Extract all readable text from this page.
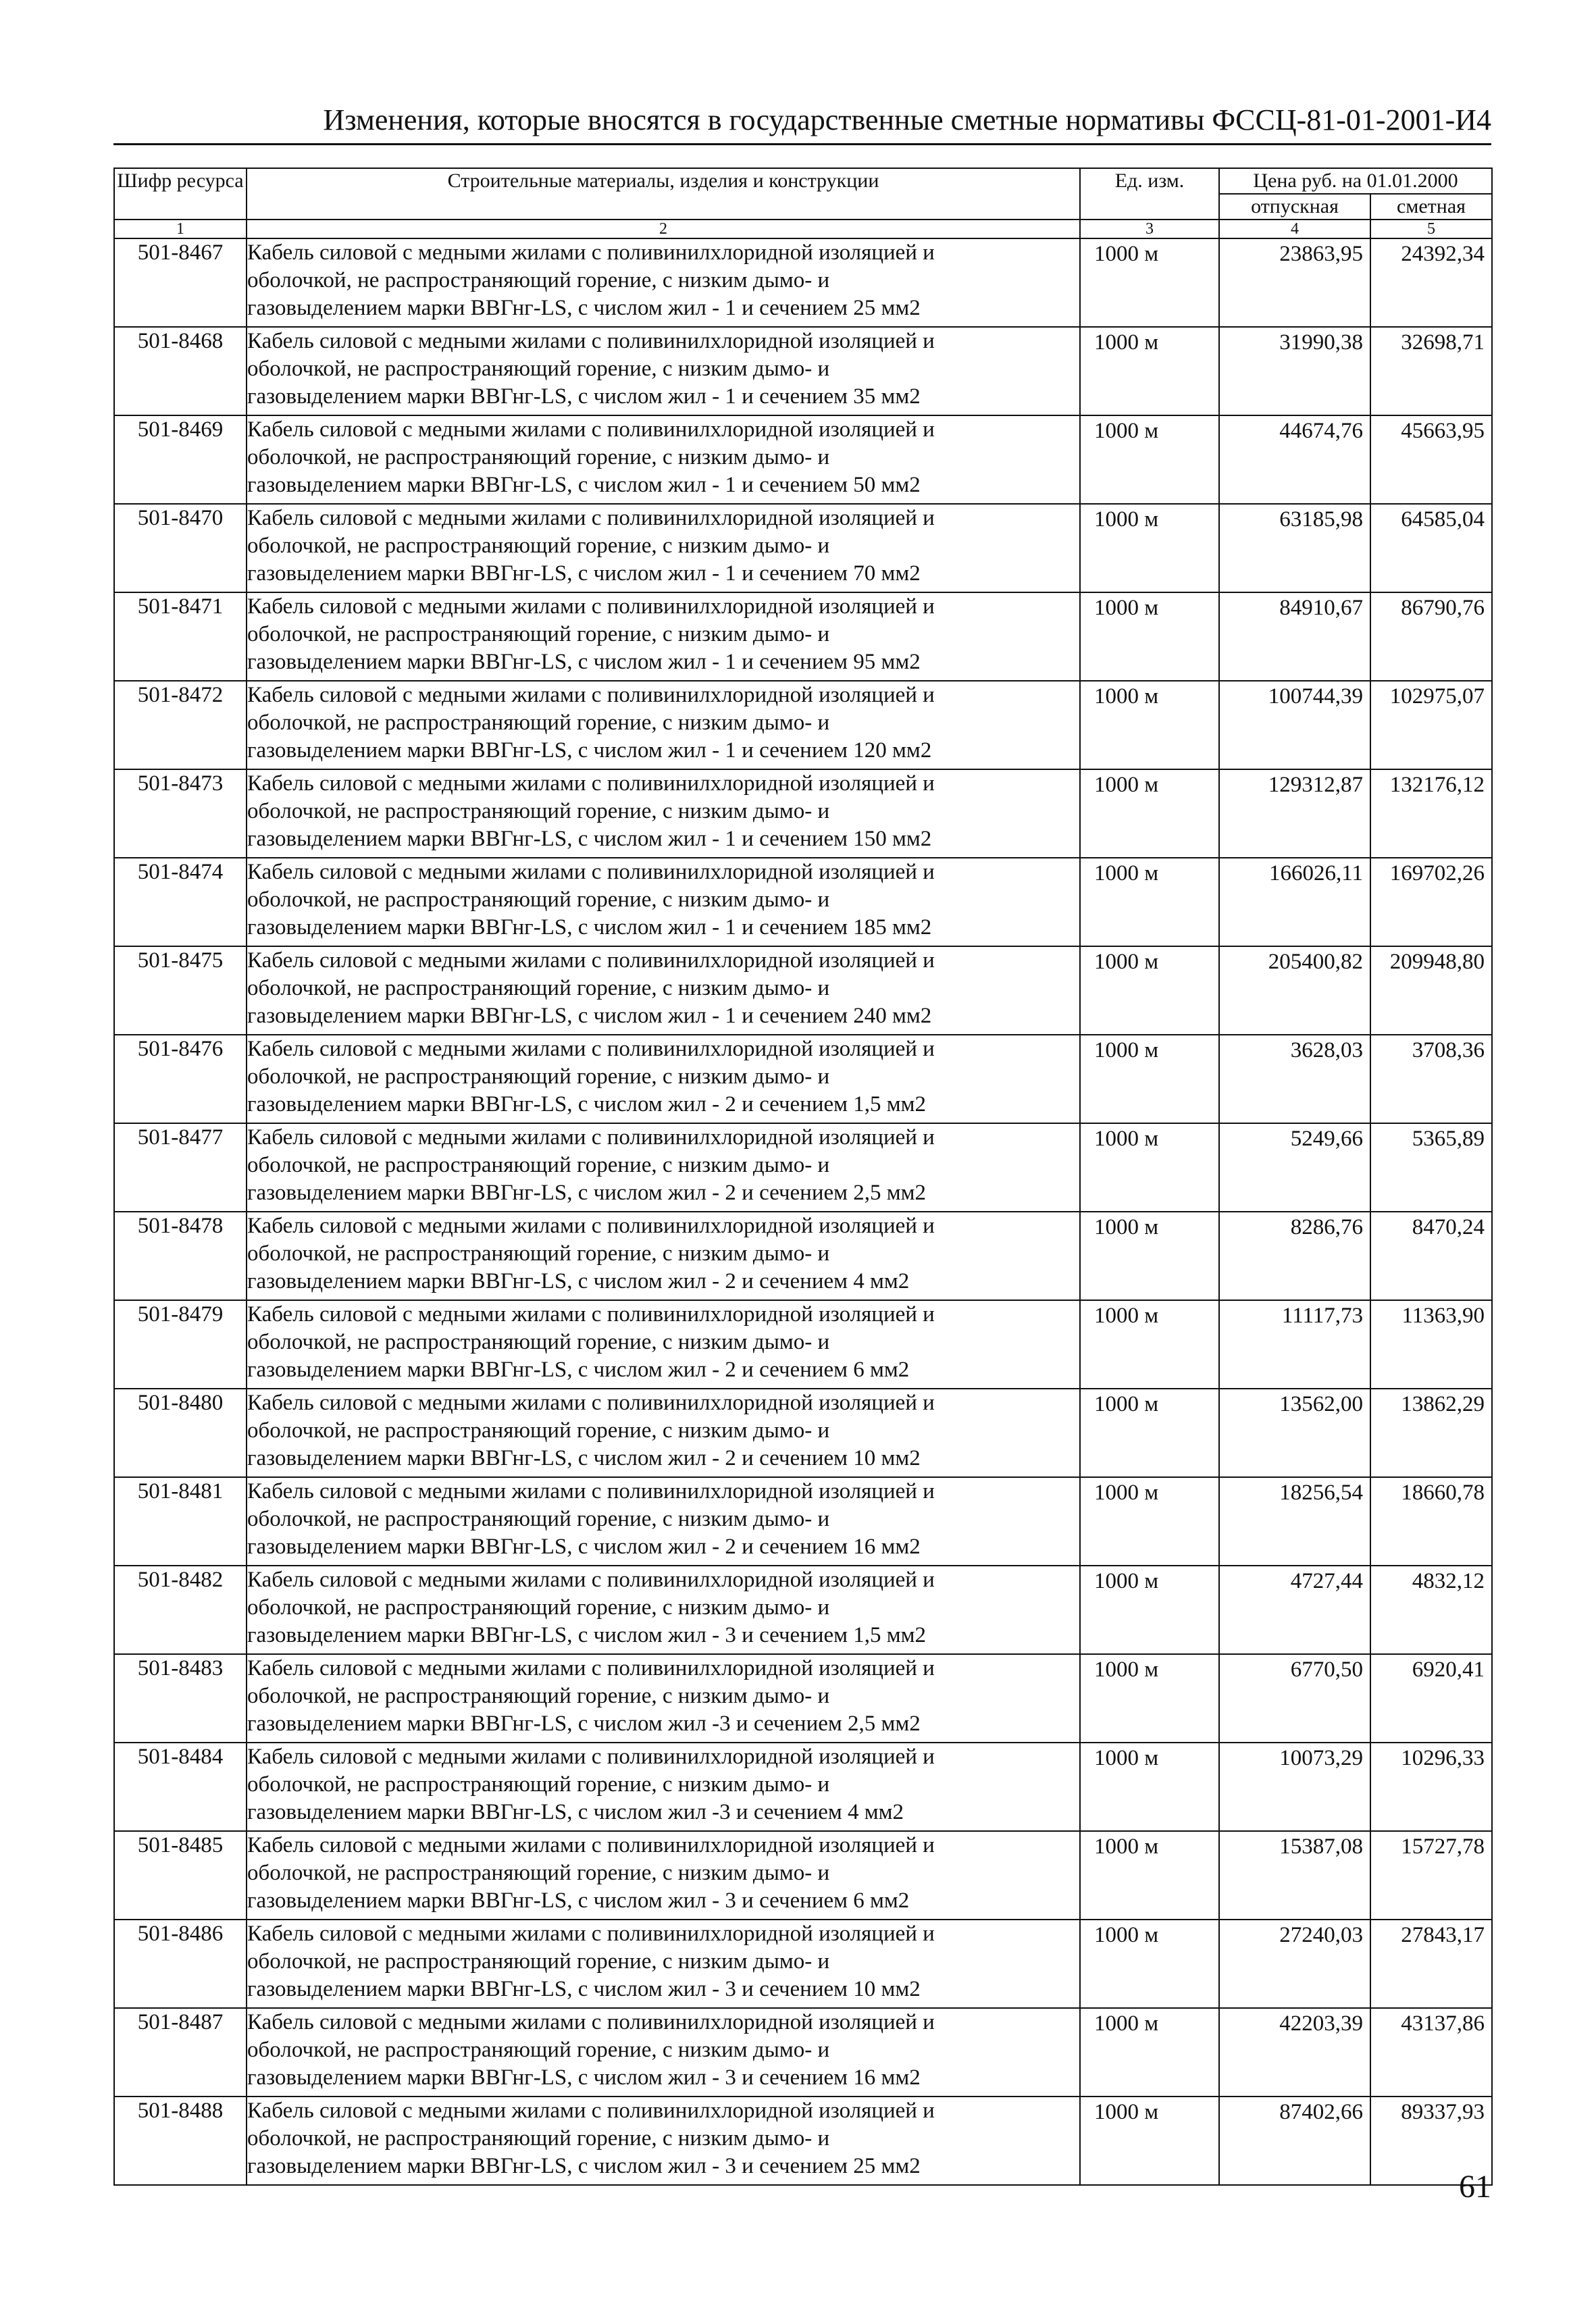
Изменения, которые вносятся в государственные сметные нормативы ФССЦ-81-01-2001-И4
Шифр ресурса	Строительные материалы, изделия и конструкции	Ед. изм.	Цена руб. на 01.01.2000	
			отпускная	сметная
1	2	3	4	5
501-8467	Кабель силовой с медными жилами с поливинилхлоридной изоляцией и
оболочкой, не распространяющий горение, с низким дымо- и
газовыделением марки ВВГнг-LS, с числом жил - 1 и сечением 25 мм2	1000 м	23863,95	24392,34
501-8468	Кабель силовой с медными жилами с поливинилхлоридной изоляцией и
оболочкой, не распространяющий горение, с низким дымо- и
газовыделением марки ВВГнг-LS, с числом жил - 1 и сечением 35 мм2	1000 м	31990,38	32698,71
501-8469	Кабель силовой с медными жилами с поливинилхлоридной изоляцией и
оболочкой, не распространяющий горение, с низким дымо- и
газовыделением марки ВВГнг-LS, с числом жил - 1 и сечением 50 мм2	1000 м	44674,76	45663,95
501-8470	Кабель силовой с медными жилами с поливинилхлоридной изоляцией и
оболочкой, не распространяющий горение, с низким дымо- и
газовыделением марки ВВГнг-LS, с числом жил - 1 и сечением 70 мм2	1000 м	63185,98	64585,04
501-8471	Кабель силовой с медными жилами с поливинилхлоридной изоляцией и
оболочкой, не распространяющий горение, с низким дымо- и
газовыделением марки ВВГнг-LS, с числом жил - 1 и сечением 95 мм2	1000 м	84910,67	86790,76
501-8472	Кабель силовой с медными жилами с поливинилхлоридной изоляцией и
оболочкой, не распространяющий горение, с низким дымо- и
газовыделением марки ВВГнг-LS, с числом жил - 1 и сечением 120 мм2	1000 м	100744,39	102975,07
501-8473	Кабель силовой с медными жилами с поливинилхлоридной изоляцией и
оболочкой, не распространяющий горение, с низким дымо- и
газовыделением марки ВВГнг-LS, с числом жил - 1 и сечением 150 мм2	1000 м	129312,87	132176,12
501-8474	Кабель силовой с медными жилами с поливинилхлоридной изоляцией и
оболочкой, не распространяющий горение, с низким дымо- и
газовыделением марки ВВГнг-LS, с числом жил - 1 и сечением 185 мм2	1000 м	166026,11	169702,26
501-8475	Кабель силовой с медными жилами с поливинилхлоридной изоляцией и
оболочкой, не распространяющий горение, с низким дымо- и
газовыделением марки ВВГнг-LS, с числом жил - 1 и сечением 240 мм2	1000 м	205400,82	209948,80
501-8476	Кабель силовой с медными жилами с поливинилхлоридной изоляцией и
оболочкой, не распространяющий горение, с низким дымо- и
газовыделением марки ВВГнг-LS, с числом жил - 2 и сечением 1,5 мм2	1000 м	3628,03	3708,36
501-8477	Кабель силовой с медными жилами с поливинилхлоридной изоляцией и
оболочкой, не распространяющий горение, с низким дымо- и
газовыделением марки ВВГнг-LS, с числом жил - 2 и сечением 2,5 мм2	1000 м	5249,66	5365,89
501-8478	Кабель силовой с медными жилами с поливинилхлоридной изоляцией и
оболочкой, не распространяющий горение, с низким дымо- и
газовыделением марки ВВГнг-LS, с числом жил - 2 и сечением 4 мм2	1000 м	8286,76	8470,24
501-8479	Кабель силовой с медными жилами с поливинилхлоридной изоляцией и
оболочкой, не распространяющий горение, с низким дымо- и
газовыделением марки ВВГнг-LS, с числом жил - 2 и сечением 6 мм2	1000 м	11117,73	11363,90
501-8480	Кабель силовой с медными жилами с поливинилхлоридной изоляцией и
оболочкой, не распространяющий горение, с низким дымо- и
газовыделением марки ВВГнг-LS, с числом жил - 2 и сечением 10 мм2	1000 м	13562,00	13862,29
501-8481	Кабель силовой с медными жилами с поливинилхлоридной изоляцией и
оболочкой, не распространяющий горение, с низким дымо- и
газовыделением марки ВВГнг-LS, с числом жил - 2 и сечением 16 мм2	1000 м	18256,54	18660,78
501-8482	Кабель силовой с медными жилами с поливинилхлоридной изоляцией и
оболочкой, не распространяющий горение, с низким дымо- и
газовыделением марки ВВГнг-LS, с числом жил - 3 и сечением 1,5 мм2	1000 м	4727,44	4832,12
501-8483	Кабель силовой с медными жилами с поливинилхлоридной изоляцией и
оболочкой, не распространяющий горение, с низким дымо- и
газовыделением марки ВВГнг-LS, с числом жил -3 и сечением 2,5 мм2	1000 м	6770,50	6920,41
501-8484	Кабель силовой с медными жилами с поливинилхлоридной изоляцией и
оболочкой, не распространяющий горение, с низким дымо- и
газовыделением марки ВВГнг-LS, с числом жил -3 и сечением 4 мм2	1000 м	10073,29	10296,33
501-8485	Кабель силовой с медными жилами с поливинилхлоридной изоляцией и
оболочкой, не распространяющий горение, с низким дымо- и
газовыделением марки ВВГнг-LS, с числом жил - 3 и сечением 6 мм2	1000 м	15387,08	15727,78
501-8486	Кабель силовой с медными жилами с поливинилхлоридной изоляцией и
оболочкой, не распространяющий горение, с низким дымо- и
газовыделением марки ВВГнг-LS, с числом жил - 3 и сечением 10 мм2	1000 м	27240,03	27843,17
501-8487	Кабель силовой с медными жилами с поливинилхлоридной изоляцией и
оболочкой, не распространяющий горение, с низким дымо- и
газовыделением марки ВВГнг-LS, с числом жил - 3 и сечением 16 мм2	1000 м	42203,39	43137,86
501-8488	Кабель силовой с медными жилами с поливинилхлоридной изоляцией и
оболочкой, не распространяющий горение, с низким дымо- и
газовыделением марки ВВГнг-LS, с числом жил - 3 и сечением 25 мм2	1000 м	87402,66	89337,93
61
